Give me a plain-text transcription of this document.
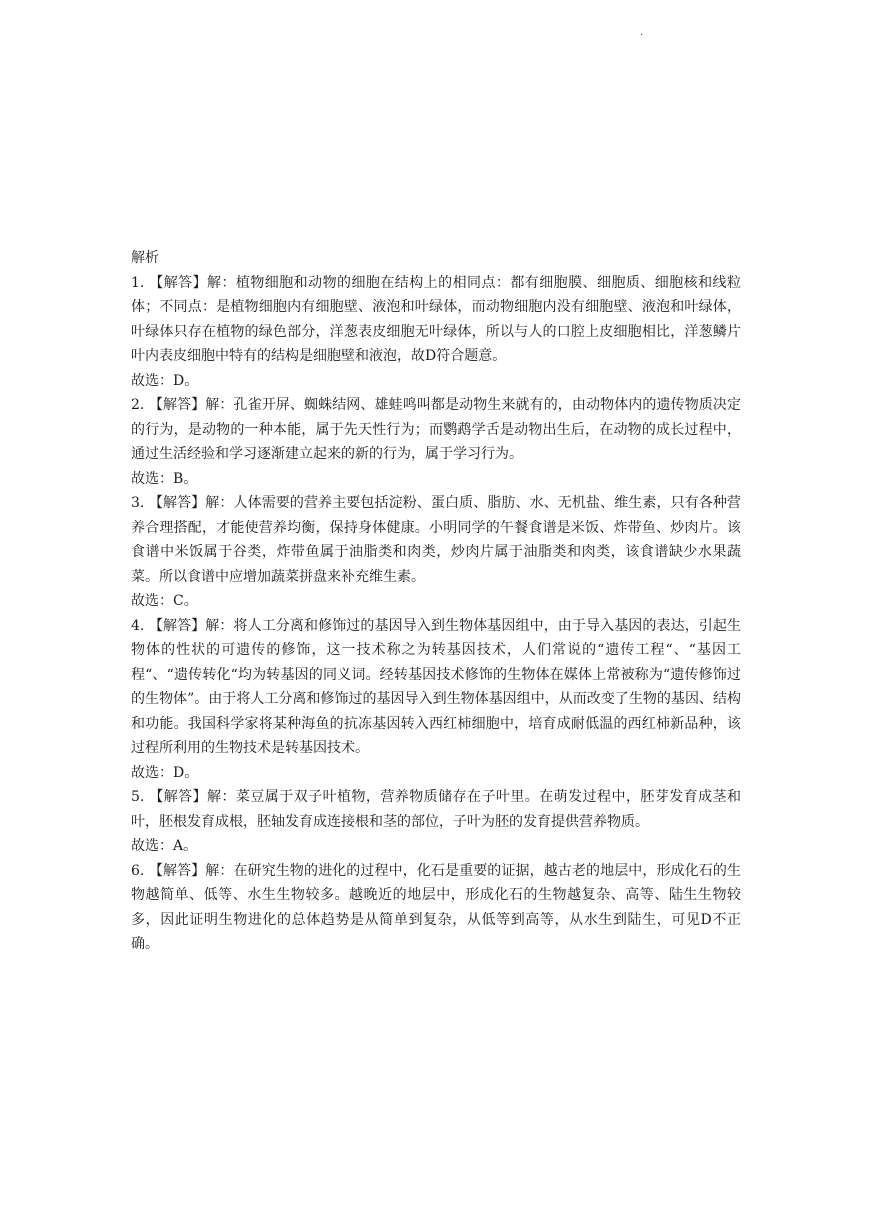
.

解析

1. 【解答】解：植物细胞和动物的细胞在结构上的相同点：都有细胞膜、细胞质、细胞核和线粒体；不同点：是植物细胞内有细胞壁、液泡和叶绿体，而动物细胞内没有细胞壁、液泡和叶绿体，叶绿体只存在植物的绿色部分，洋葱表皮细胞无叶绿体，所以与人的口腔上皮细胞相比，洋葱鳞片叶内表皮细胞中特有的结构是细胞壁和液泡，故D符合题意。

故选：D。

2. 【解答】解：孔雀开屏、蜘蛛结网、雄蛙鸣叫都是动物生来就有的，由动物体内的遗传物质决定的行为，是动物的一种本能，属于先天性行为；而鹦鹉学舌是动物出生后，在动物的成长过程中，通过生活经验和学习逐渐建立起来的新的行为，属于学习行为。

故选：B。

3. 【解答】解：人体需要的营养主要包括淀粉、蛋白质、脂肪、水、无机盐、维生素，只有各种营养合理搭配，才能使营养均衡，保持身体健康。小明同学的午餐食谱是米饭、炸带鱼、炒肉片。该食谱中米饭属于谷类，炸带鱼属于油脂类和肉类，炒肉片属于油脂类和肉类，该食谱缺少水果蔬菜。所以食谱中应增加蔬菜拼盘来补充维生素。

故选：C。

4. 【解答】解：将人工分离和修饰过的基因导入到生物体基因组中，由于导入基因的表达，引起生物体的性状的可遗传的修饰，这一技术称之为转基因技术，人们常说的“遗传工程“、“基因工程“、“遗传转化“均为转基因的同义词。经转基因技术修饰的生物体在媒体上常被称为“遗传修饰过的生物体”。由于将人工分离和修饰过的基因导入到生物体基因组中，从而改变了生物的基因、结构和功能。我国科学家将某种海鱼的抗冻基因转入西红柿细胞中，培育成耐低温的西红柿新品种，该过程所利用的生物技术是转基因技术。

故选：D。

5. 【解答】解：菜豆属于双子叶植物，营养物质储存在子叶里。在萌发过程中，胚芽发育成茎和叶，胚根发育成根，胚轴发育成连接根和茎的部位，子叶为胚的发育提供营养物质。

故选：A。

6. 【解答】解：在研究生物的进化的过程中，化石是重要的证据，越古老的地层中，形成化石的生物越简单、低等、水生生物较多。越晚近的地层中，形成化石的生物越复杂、高等、陆生生物较多，因此证明生物进化的总体趋势是从简单到复杂，从低等到高等，从水生到陆生，可见D不正确。
